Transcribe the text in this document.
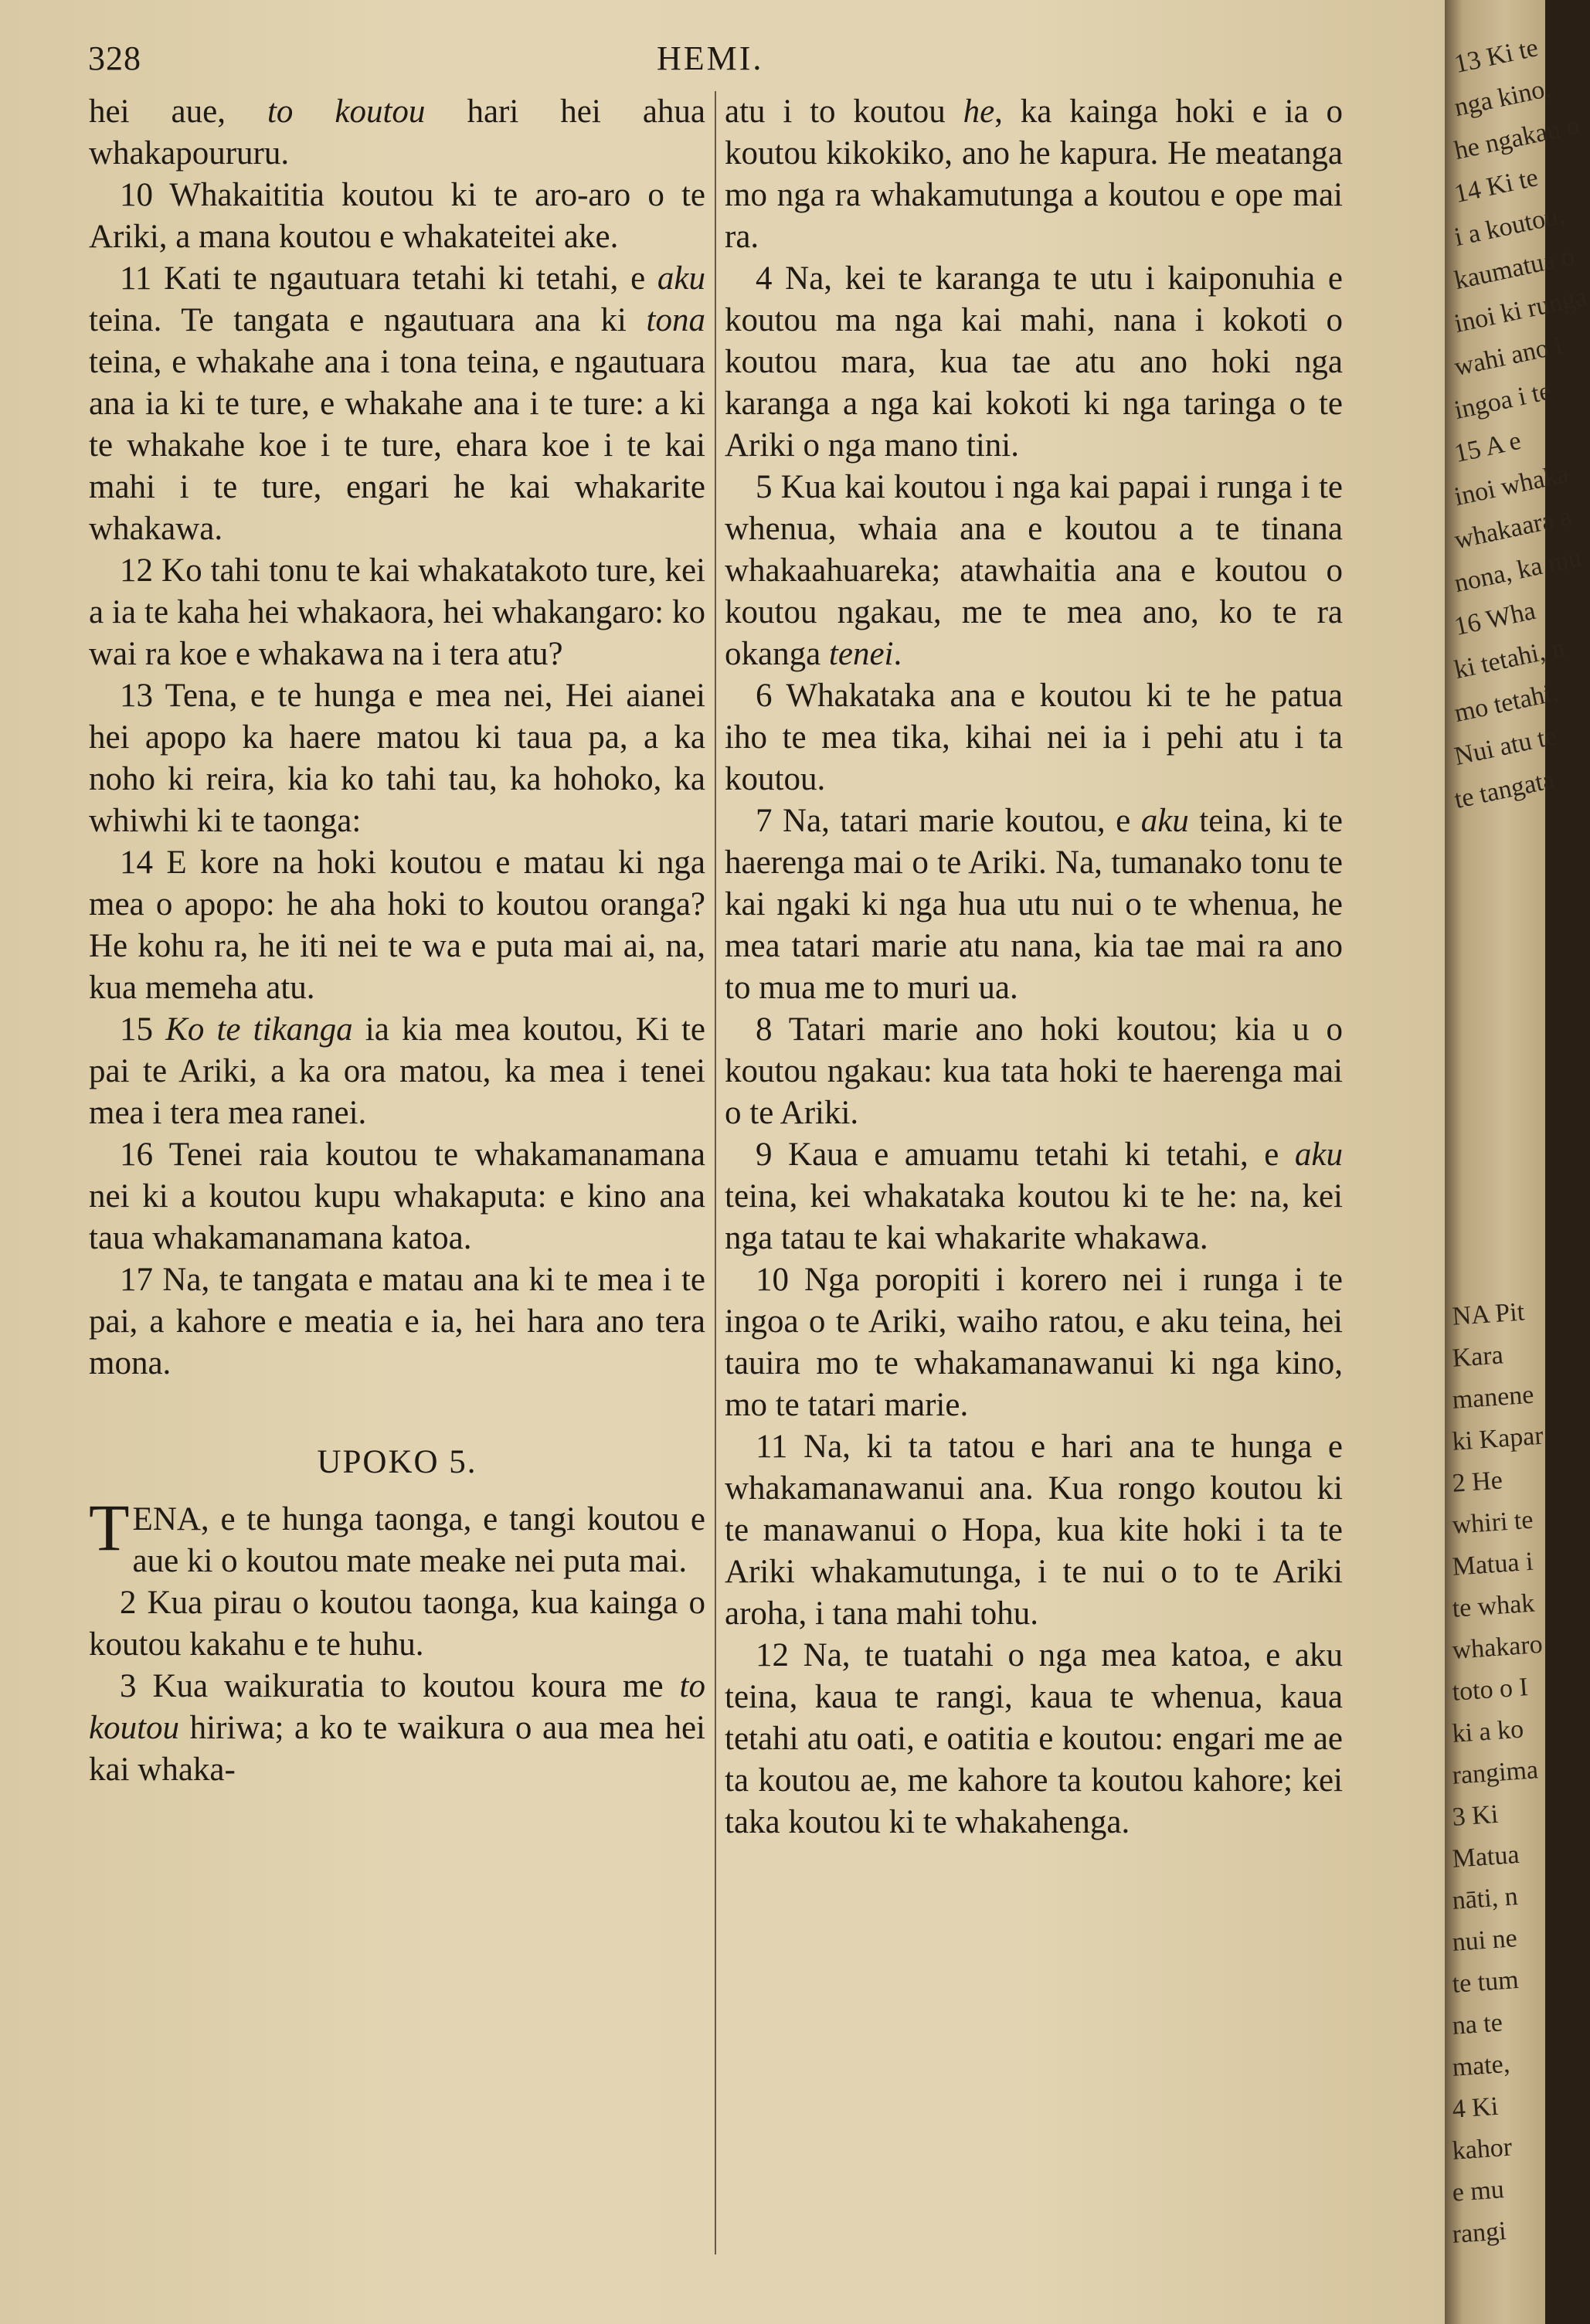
328	HEMI.

hei aue, to koutou hari hei ahua whakapoururu.

10 Whakaititia koutou ki te aro-aro o te Ariki, a mana koutou e whakateitei ake.

11 Kati te ngautuara tetahi ki tetahi, e aku teina. Te tangata e ngautuara ana ki tona teina, e whakahe ana i tona teina, e ngautuara ana ia ki te ture, e whakahe ana i te ture: a ki te whakahe koe i te ture, ehara koe i te kai mahi i te ture, engari he kai whakarite whakawa.

12 Ko tahi tonu te kai whakatakoto ture, kei a ia te kaha hei whakaora, hei whakangaro: ko wai ra koe e whakawa na i tera atu?

13 Tena, e te hunga e mea nei, Hei aianei hei apopo ka haere matou ki taua pa, a ka noho ki reira, kia ko tahi tau, ka hohoko, ka whiwhi ki te taonga:

14 E kore na hoki koutou e matau ki nga mea o apopo: he aha hoki to koutou oranga? He kohu ra, he iti nei te wa e puta mai ai, na, kua memeha atu.

15 Ko te tikanga ia kia mea koutou, Ki te pai te Ariki, a ka ora matou, ka mea i tenei mea i tera mea ranei.

16 Tenei raia koutou te whakamanamana nei ki a koutou kupu whakaputa: e kino ana taua whakamanamana katoa.

17 Na, te tangata e matau ana ki te mea i te pai, a kahore e meatia e ia, hei hara ano tera mona.

UPOKO 5.

T ENA, e te hunga taonga, e tangi koutou e aue ki o koutou mate meake nei puta mai.

2 Kua pirau o koutou taonga, kua kainga o koutou kakahu e te huhu.

3 Kua waikuratia to koutou koura me to koutou hiriwa; a ko te waikura o aua mea hei kai whaka-

atu i to koutou he, ka kainga hoki e ia o koutou kikokiko, ano he kapura. He meatanga mo nga ra whakamutunga a koutou e ope mai ra.

4 Na, kei te karanga te utu i kaiponuhia e koutou ma nga kai mahi, nana i kokoti o koutou mara, kua tae atu ano hoki nga karanga a nga kai kokoti ki nga taringa o te Ariki o nga mano tini.

5 Kua kai koutou i nga kai papai i runga i te whenua, whaia ana e koutou a te tinana whakaahuareka; atawhaitia ana e koutou o koutou ngakau, me te mea ano, ko te ra okanga tenei.

6 Whakataka ana e koutou ki te he patua iho te mea tika, kihai nei ia i pehi atu i ta koutou.

7 Na, tatari marie koutou, e aku teina, ki te haerenga mai o te Ariki. Na, tumanako tonu te kai ngaki ki nga hua utu nui o te whenua, he mea tatari marie atu nana, kia tae mai ra ano to mua me to muri ua.

8 Tatari marie ano hoki koutou; kia u o koutou ngakau: kua tata hoki te haerenga mai o te Ariki.

9 Kaua e amuamu tetahi ki tetahi, e aku teina, kei whakataka koutou ki te he: na, kei nga tatau te kai whakarite whakawa.

10 Nga poropiti i korero nei i runga i te ingoa o te Ariki, waiho ratou, e aku teina, hei tauira mo te whakamanawanui ki nga kino, mo te tatari marie.

11 Na, ki ta tatou e hari ana te hunga e whakamanawanui ana. Kua rongo koutou ki te manawanui o Hopa, kua kite hoki i ta te Ariki whakamutunga, i te nui o to te Ariki aroha, i tana mahi tohu.

12 Na, te tuatahi o nga mea katoa, e aku teina, kaua te rangi, kaua te whenua, kaua tetahi atu oati, e oatitia e koutou: engari me ae ta koutou ae, me kahore ta koutou kahore; kei taka koutou ki te whakahenga.

13 Ki te
nga kino,
he ngakau o
14 Ki te
i a koutou,
kaumatua o
inoi ki runga
wahi ano i
ingoa i te
15 A e
inoi whaka
whakaara a
nona, ka mu
16 Wha
ki tetahi, n
mo tetahi,
Nui atu te
te tangata
NA Pit
Kara
manene
ki Kapar
2 He
whiri te
Matua i
te whak
whakaro
toto o I
ki a ko
rangima
3 Ki
Matua
nāti, n
nui ne
te tum
na te
mate,
4 Ki
kahor
e mu
rangi
